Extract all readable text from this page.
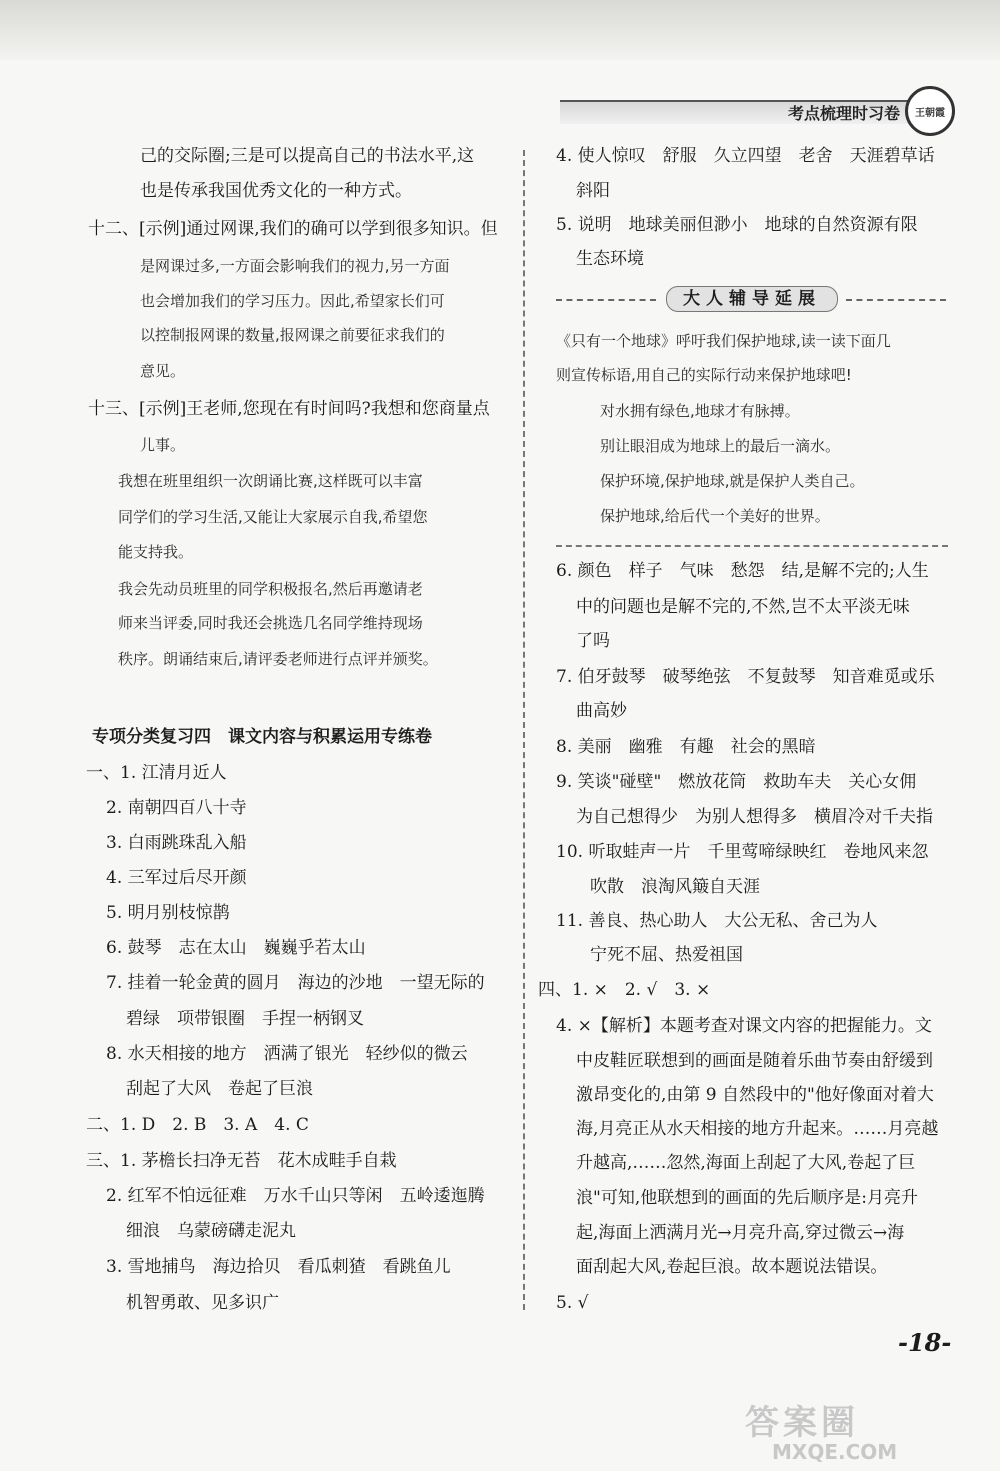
考点梳理时习卷	王朝霞
己的交际圈;三是可以提高自己的书法水平,这
也是传承我国优秀文化的一种方式。
十二、[示例]通过网课,我们的确可以学到很多知识。但
是网课过多,一方面会影响我们的视力,另一方面
也会增加我们的学习压力。因此,希望家长们可
以控制报网课的数量,报网课之前要征求我们的
意见。
十三、[示例]王老师,您现在有时间吗?我想和您商量点
儿事。
我想在班里组织一次朗诵比赛,这样既可以丰富
同学们的学习生活,又能让大家展示自我,希望您
能支持我。
我会先动员班里的同学积极报名,然后再邀请老
师来当评委,同时我还会挑选几名同学维持现场
秩序。朗诵结束后,请评委老师进行点评并颁奖。
专项分类复习四　课文内容与积累运用专练卷
一、1. 江清月近人
2. 南朝四百八十寺
3. 白雨跳珠乱入船
4. 三军过后尽开颜
5. 明月别枝惊鹊
6. 鼓琴　志在太山　巍巍乎若太山
7. 挂着一轮金黄的圆月　海边的沙地　一望无际的
碧绿　项带银圈　手捏一柄钢叉
8. 水天相接的地方　洒满了银光　轻纱似的微云
刮起了大风　卷起了巨浪
二、1. D　2. B　3. A　4. C
三、1. 茅檐长扫净无苔　花木成畦手自栽
2. 红军不怕远征难　万水千山只等闲　五岭逶迤腾
细浪　乌蒙磅礴走泥丸
3. 雪地捕鸟　海边拾贝　看瓜刺猹　看跳鱼儿
机智勇敢、见多识广
4. 使人惊叹　舒服　久立四望　老舍　天涯碧草话
斜阳
5. 说明　地球美丽但渺小　地球的自然资源有限
生态环境
大人辅导延展
《只有一个地球》呼吁我们保护地球,读一读下面几
则宣传标语,用自己的实际行动来保护地球吧!
对水拥有绿色,地球才有脉搏。
别让眼泪成为地球上的最后一滴水。
保护环境,保护地球,就是保护人类自己。
保护地球,给后代一个美好的世界。
6. 颜色　样子　气味　愁怨　结,是解不完的;人生
中的问题也是解不完的,不然,岂不太平淡无味
了吗
7. 伯牙鼓琴　破琴绝弦　不复鼓琴　知音难觅或乐
曲高妙
8. 美丽　幽雅　有趣　社会的黑暗
9. 笑谈"碰壁"　燃放花筒　救助车夫　关心女佣
为自己想得少　为别人想得多　横眉冷对千夫指
10. 听取蛙声一片　千里莺啼绿映红　卷地风来忽
吹散　浪淘风簸自天涯
11. 善良、热心助人　大公无私、舍己为人
宁死不屈、热爱祖国
四、1. ×　2. √　3. ×
4. ×【解析】本题考查对课文内容的把握能力。文
中皮鞋匠联想到的画面是随着乐曲节奏由舒缓到
激昂变化的,由第 9 自然段中的"他好像面对着大
海,月亮正从水天相接的地方升起来。……月亮越
升越高,……忽然,海面上刮起了大风,卷起了巨
浪"可知,他联想到的画面的先后顺序是:月亮升
起,海面上洒满月光→月亮升高,穿过微云→海
面刮起大风,卷起巨浪。故本题说法错误。
5. √
-18-
答案圈
MXQE.COM
